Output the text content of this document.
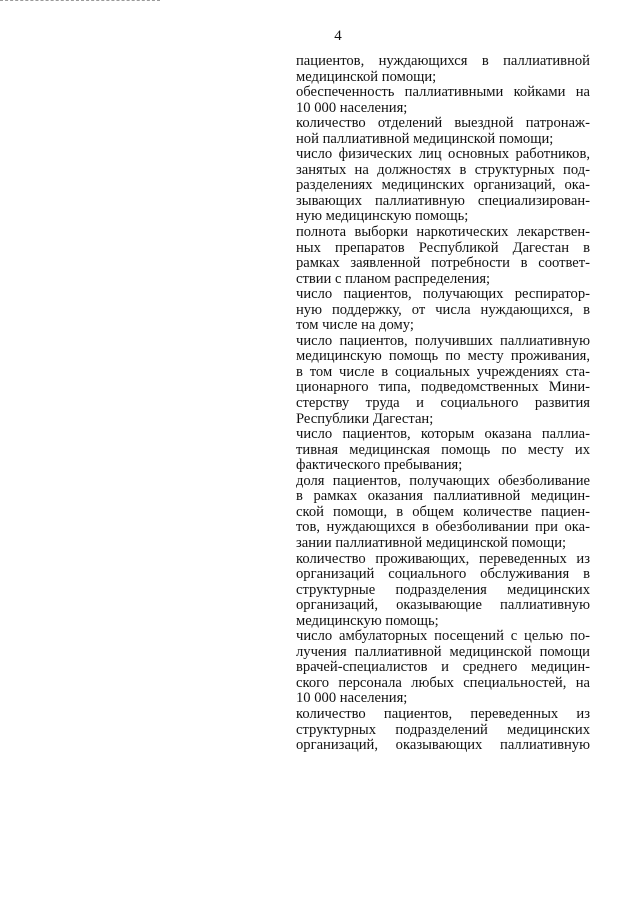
4
пациентов, нуждающихся в паллиативной
медицинской помощи;
обеспеченность паллиативными койками на
10 000 населения;
количество отделений выездной патронаж-
ной паллиативной медицинской помощи;
число физических лиц основных работников,
занятых на должностях в структурных под-
разделениях медицинских организаций, ока-
зывающих паллиативную специализирован-
ную медицинскую помощь;
полнота выборки наркотических лекарствен-
ных препаратов Республикой Дагестан в
рамках заявленной потребности в соответ-
ствии с планом распределения;
число пациентов, получающих респиратор-
ную поддержку, от числа нуждающихся, в
том числе на дому;
число пациентов, получивших паллиативную
медицинскую помощь по месту проживания,
в том числе в социальных учреждениях ста-
ционарного типа, подведомственных Мини-
стерству труда и социального развития
Республики Дагестан;
число пациентов, которым оказана паллиа-
тивная медицинская помощь по месту их
фактического пребывания;
доля пациентов, получающих обезболивание
в рамках оказания паллиативной медицин-
ской помощи, в общем количестве пациен-
тов, нуждающихся в обезболивании при ока-
зании паллиативной медицинской помощи;
количество проживающих, переведенных из
организаций социального обслуживания в
структурные подразделения медицинских
организаций, оказывающие паллиативную
медицинскую помощь;
число амбулаторных посещений с целью по-
лучения паллиативной медицинской помощи
врачей-специалистов и среднего медицин-
ского персонала любых специальностей, на
10 000 населения;
количество пациентов, переведенных из
структурных подразделений медицинских
организаций, оказывающих паллиативную
